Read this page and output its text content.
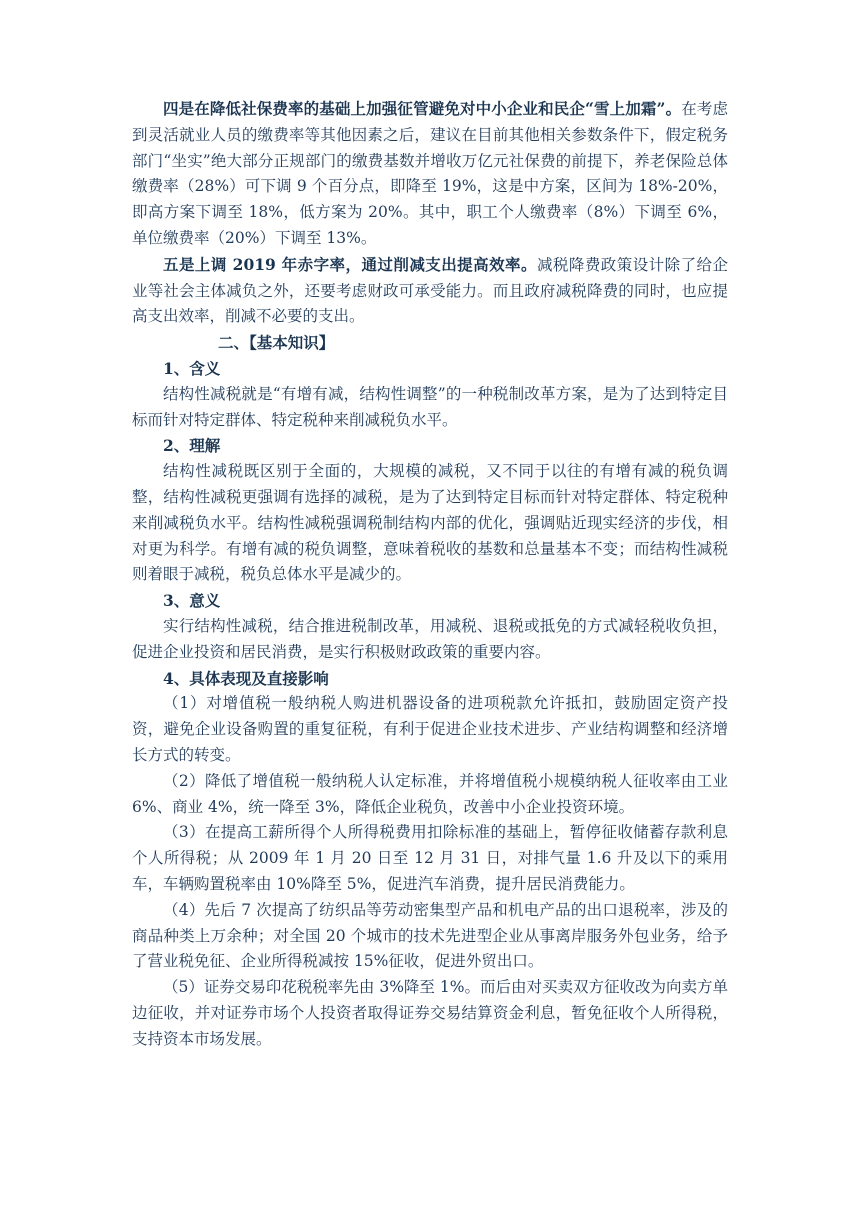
四是在降低社保费率的基础上加强征管避免对中小企业和民企“雪上加霜”。在考虑到灵活就业人员的缴费率等其他因素之后，建议在目前其他相关参数条件下，假定税务部门“坐实”绝大部分正规部门的缴费基数并增收万亿元社保费的前提下，养老保险总体缴费率（28%）可下调 9 个百分点，即降至 19%，这是中方案，区间为 18%-20%，即高方案下调至 18%，低方案为 20%。其中，职工个人缴费率（8%）下调至 6%，单位缴费率（20%）下调至 13%。

五是上调 2019 年赤字率，通过削减支出提高效率。减税降费政策设计除了给企业等社会主体减负之外，还要考虑财政可承受能力。而且政府减税降费的同时，也应提高支出效率，削减不必要的支出。

二、【基本知识】

1、含义

结构性减税就是“有增有减，结构性调整”的一种税制改革方案，是为了达到特定目标而针对特定群体、特定税种来削减税负水平。

2、理解

结构性减税既区别于全面的，大规模的减税，又不同于以往的有增有减的税负调整，结构性减税更强调有选择的减税，是为了达到特定目标而针对特定群体、特定税种来削减税负水平。结构性减税强调税制结构内部的优化，强调贴近现实经济的步伐，相对更为科学。有增有减的税负调整，意味着税收的基数和总量基本不变；而结构性减税则着眼于减税，税负总体水平是减少的。

3、意义

实行结构性减税，结合推进税制改革，用减税、退税或抵免的方式减轻税收负担，促进企业投资和居民消费，是实行积极财政政策的重要内容。

4、具体表现及直接影响

（1）对增值税一般纳税人购进机器设备的进项税款允许抵扣，鼓励固定资产投资，避免企业设备购置的重复征税，有利于促进企业技术进步、产业结构调整和经济增长方式的转变。

（2）降低了增值税一般纳税人认定标准，并将增值税小规模纳税人征收率由工业 6%、商业 4%，统一降至 3%，降低企业税负，改善中小企业投资环境。

（3）在提高工薪所得个人所得税费用扣除标准的基础上，暂停征收储蓄存款利息个人所得税；从 2009 年 1 月 20 日至 12 月 31 日，对排气量 1.6 升及以下的乘用车，车辆购置税率由 10%降至 5%，促进汽车消费，提升居民消费能力。

（4）先后 7 次提高了纺织品等劳动密集型产品和机电产品的出口退税率，涉及的商品种类上万余种；对全国 20 个城市的技术先进型企业从事离岸服务外包业务，给予了营业税免征、企业所得税减按 15%征收，促进外贸出口。

（5）证券交易印花税税率先由 3%降至 1%。而后由对买卖双方征收改为向卖方单边征收，并对证券市场个人投资者取得证券交易结算资金利息，暂免征收个人所得税，支持资本市场发展。
